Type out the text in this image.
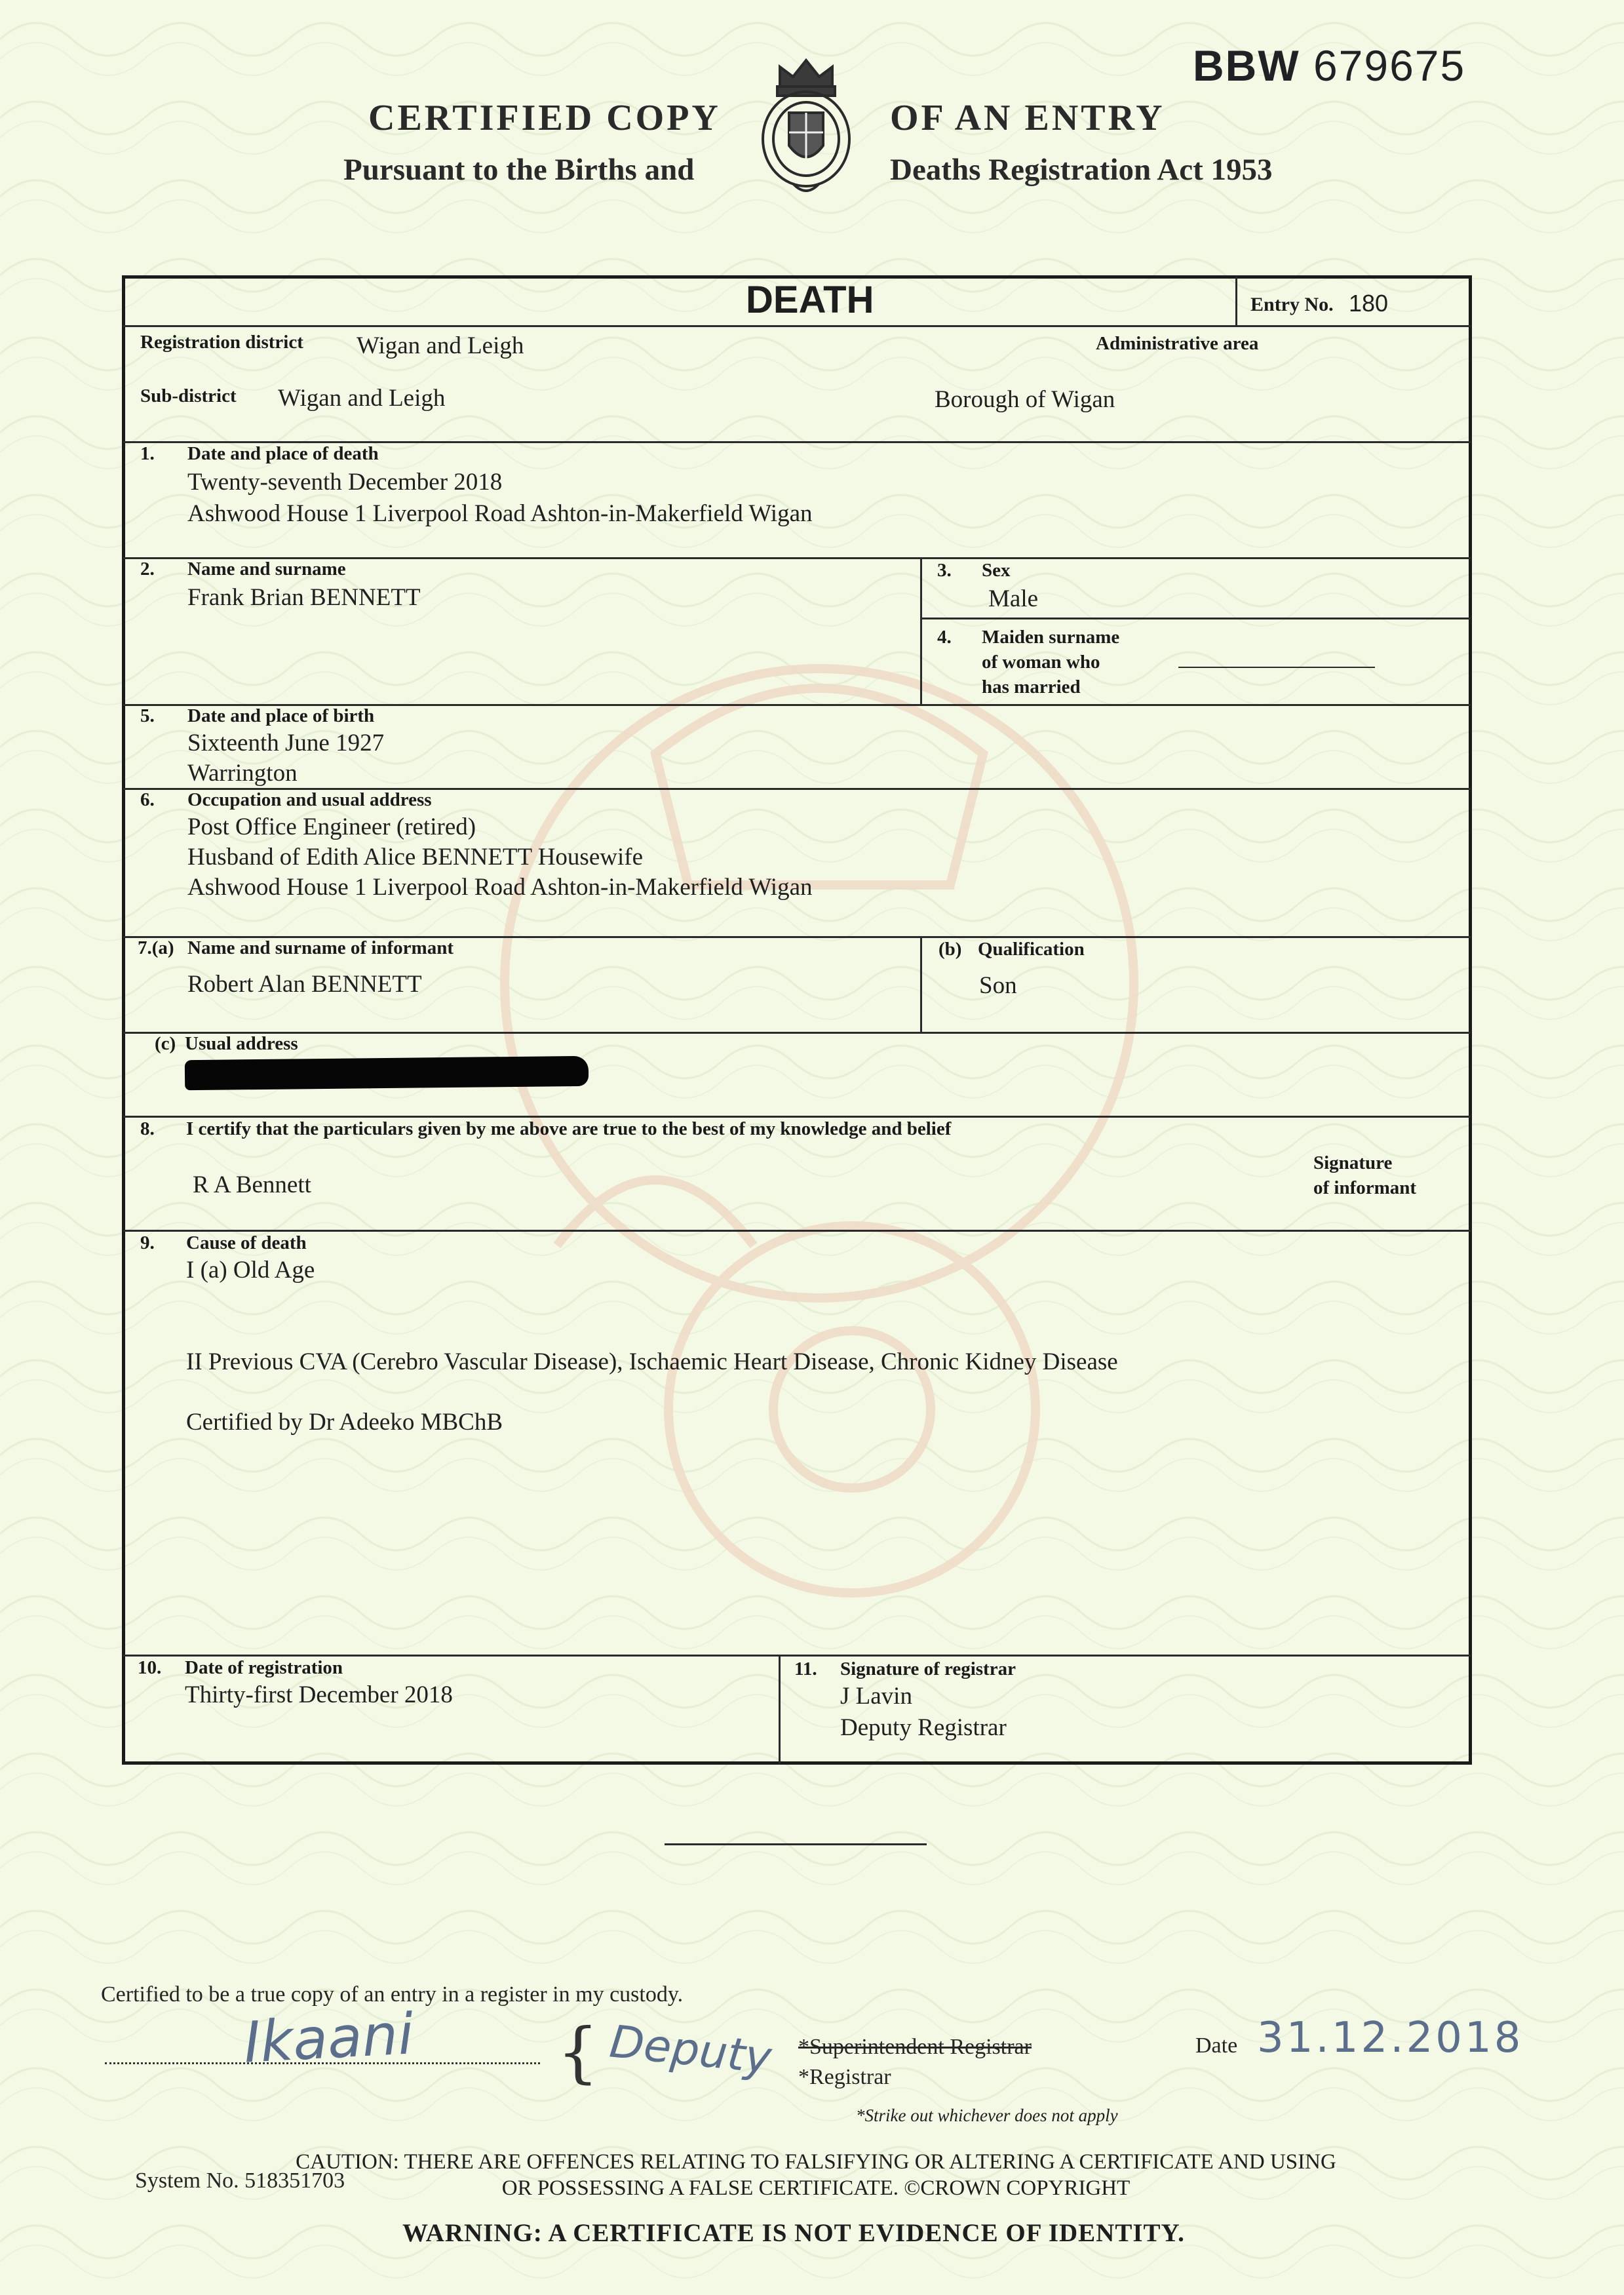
BBW 679675
CERTIFIED COPY
Pursuant to the Births and
OF AN ENTRY
Deaths Registration Act 1953
DEATH	Entry No. 180
Registration district Wigan and Leigh	Administrative area
Sub-district Wigan and Leigh	Borough of Wigan
1. Date and place of death
Twenty-seventh December 2018
Ashwood House 1 Liverpool Road Ashton-in-Makerfield Wigan
2. Name and surname
Frank Brian BENNETT
3. Sex
Male
4. Maiden surname
of woman who
has married
5. Date and place of birth
Sixteenth June 1927
Warrington
6. Occupation and usual address
Post Office Engineer (retired)
Husband of Edith Alice BENNETT Housewife
Ashwood House 1 Liverpool Road Ashton-in-Makerfield Wigan
7.(a) Name and surname of informant
Robert Alan BENNETT
(b) Qualification
Son
(c) Usual address
8. I certify that the particulars given by me above are true to the best of my knowledge and belief
R A Bennett
Signature
of informant
9. Cause of death
I (a) Old Age
II Previous CVA (Cerebro Vascular Disease), Ischaemic Heart Disease, Chronic Kidney Disease
Certified by Dr Adeeko MBChB
10. Date of registration
Thirty-first December 2018
11. Signature of registrar
J Lavin
Deputy Registrar
Certified to be a true copy of an entry in a register in my custody.
Ikaani { Deputy *Superintendent Registrar
*Registrar
Date 31.12.2018
*Strike out whichever does not apply
CAUTION: THERE ARE OFFENCES RELATING TO FALSIFYING OR ALTERING A CERTIFICATE AND USING
OR POSSESSING A FALSE CERTIFICATE. ©CROWN COPYRIGHT
System No. 518351703
WARNING: A CERTIFICATE IS NOT EVIDENCE OF IDENTITY.
